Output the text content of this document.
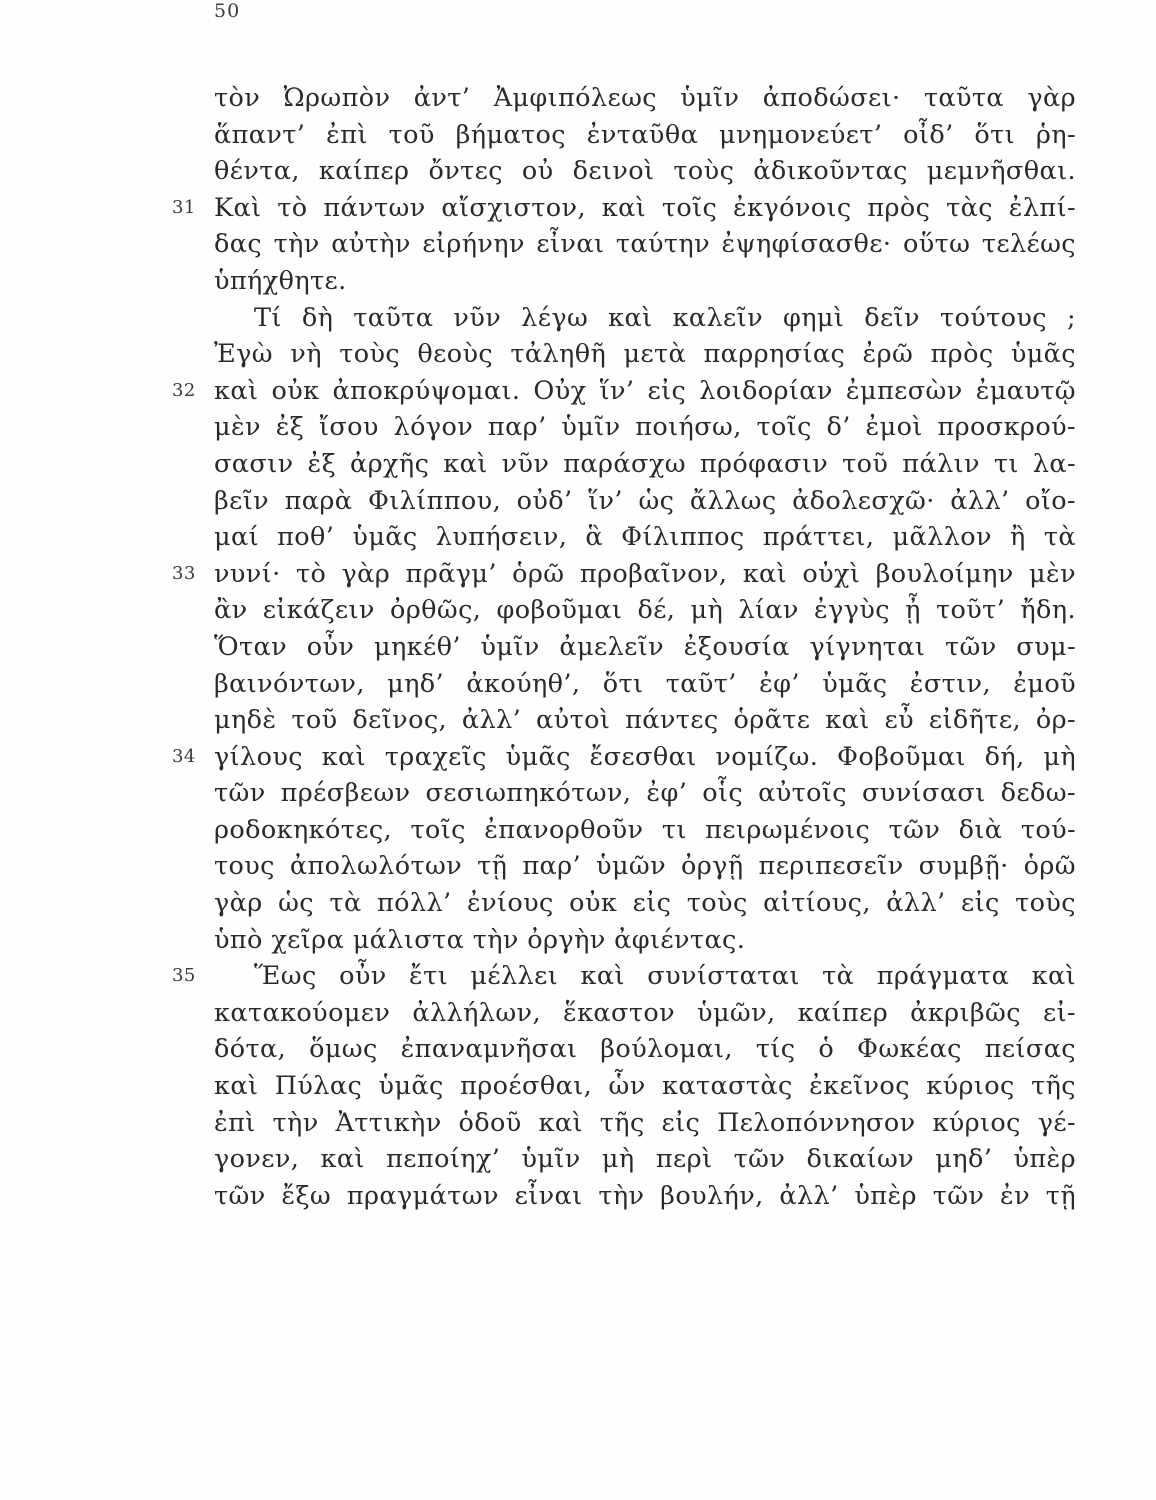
50
τὸν Ὠρωπὸν ἀντ’ Ἀμφιπόλεως ὑμῖν ἀποδώσει· ταῦτα γὰρ
ἅπαντ’ ἐπὶ τοῦ βήματος ἐνταῦθα μνημονεύετ’ οἶδ’ ὅτι ῥη-
θέντα, καίπερ ὄντες οὐ δεινοὶ τοὺς ἀδικοῦντας μεμνῆσθαι.
31 Καὶ τὸ πάντων αἴσχιστον, καὶ τοῖς ἐκγόνοις πρὸς τὰς ἐλπί-
δας τὴν αὐτὴν εἰρήνην εἶναι ταύτην ἐψηφίσασθε· οὕτω τελέως
ὑπήχθητε.
Τί δὴ ταῦτα νῦν λέγω καὶ καλεῖν φημὶ δεῖν τούτους ;
Ἐγὼ νὴ τοὺς θεοὺς τἀληθῆ μετὰ παρρησίας ἐρῶ πρὸς ὑμᾶς
32 καὶ οὐκ ἀποκρύψομαι. Οὐχ ἵν’ εἰς λοιδορίαν ἐμπεσὼν ἐμαυτῷ
μὲν ἐξ ἴσου λόγον παρ’ ὑμῖν ποιήσω, τοῖς δ’ ἐμοὶ προσκρού-
σασιν ἐξ ἀρχῆς καὶ νῦν παράσχω πρόφασιν τοῦ πάλιν τι λα-
βεῖν παρὰ Φιλίππου, οὐδ’ ἵν’ ὡς ἄλλως ἀδολεσχῶ· ἀλλ’ οἴο-
μαί ποθ’ ὑμᾶς λυπήσειν, ἃ Φίλιππος πράττει, μᾶλλον ἢ τὰ
33 νυνί· τὸ γὰρ πρᾶγμ’ ὁρῶ προβαῖνον, καὶ οὐχὶ βουλοίμην μὲν
ἂν εἰκάζειν ὀρθῶς, φοβοῦμαι δέ, μὴ λίαν ἐγγὺς ᾖ τοῦτ’ ἤδη.
Ὅταν οὖν μηκέθ’ ὑμῖν ἀμελεῖν ἐξουσία γίγνηται τῶν συμ-
βαινόντων, μηδ’ ἀκούηθ’, ὅτι ταῦτ’ ἐφ’ ὑμᾶς ἐστιν, ἐμοῦ
μηδὲ τοῦ δεῖνος, ἀλλ’ αὐτοὶ πάντες ὁρᾶτε καὶ εὖ εἰδῆτε, ὀρ-
34 γίλους καὶ τραχεῖς ὑμᾶς ἔσεσθαι νομίζω. Φοβοῦμαι δή, μὴ
τῶν πρέσβεων σεσιωπηκότων, ἐφ’ οἷς αὐτοῖς συνίσασι δεδω-
ροδοκηκότες, τοῖς ἐπανορθοῦν τι πειρωμένοις τῶν διὰ τού-
τους ἀπολωλότων τῇ παρ’ ὑμῶν ὀργῇ περιπεσεῖν συμβῇ· ὁρῶ
γὰρ ὡς τὰ πόλλ’ ἐνίους οὐκ εἰς τοὺς αἰτίους, ἀλλ’ εἰς τοὺς
ὑπὸ χεῖρα μάλιστα τὴν ὀργὴν ἀφιέντας.
35 Ἕως οὖν ἔτι μέλλει καὶ συνίσταται τὰ πράγματα καὶ
κατακούομεν ἀλλήλων, ἕκαστον ὑμῶν, καίπερ ἀκριβῶς εἰ-
δότα, ὅμως ἐπαναμνῆσαι βούλομαι, τίς ὁ Φωκέας πείσας
καὶ Πύλας ὑμᾶς προέσθαι, ὧν καταστὰς ἐκεῖνος κύριος τῆς
ἐπὶ τὴν Ἀττικὴν ὁδοῦ καὶ τῆς εἰς Πελοπόννησον κύριος γέ-
γονεν, καὶ πεποίηχ’ ὑμῖν μὴ περὶ τῶν δικαίων μηδ’ ὑπὲρ
τῶν ἔξω πραγμάτων εἶναι τὴν βουλήν, ἀλλ’ ὑπὲρ τῶν ἐν τῇ
